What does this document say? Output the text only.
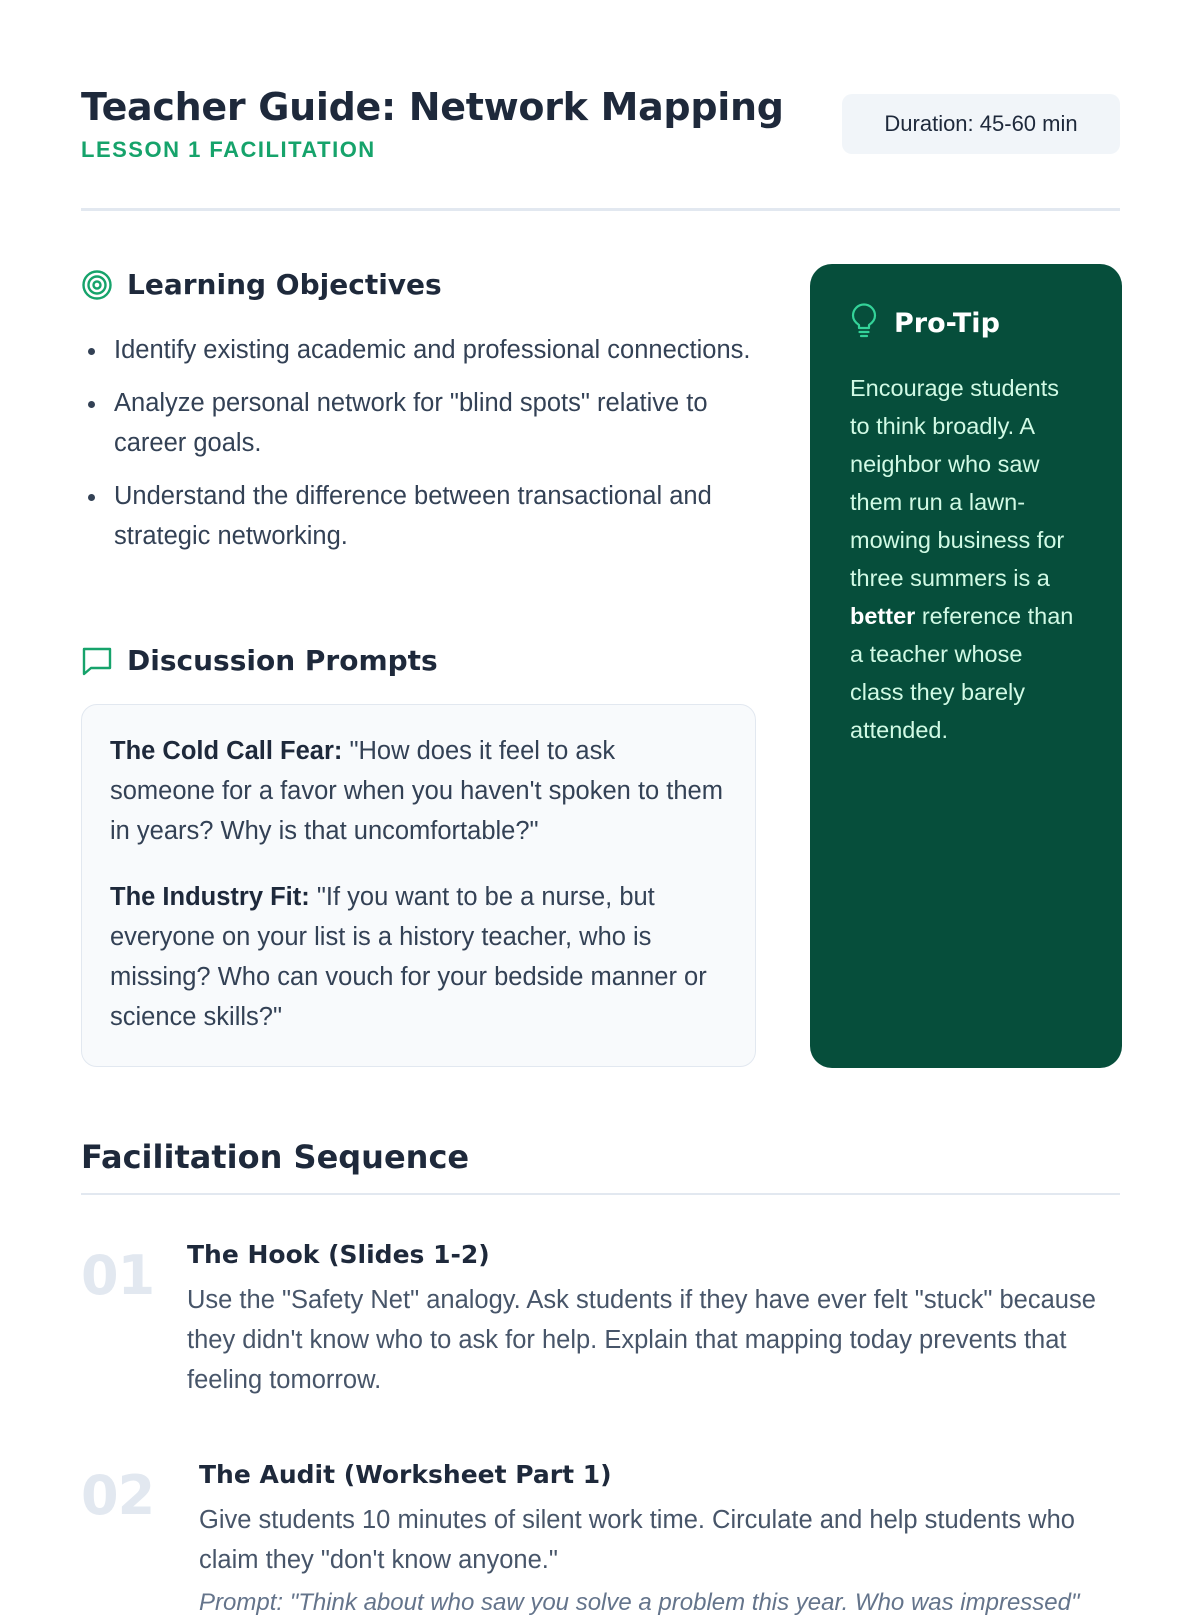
Teacher Guide: Network Mapping
LESSON 1 FACILITATION
Duration: 45-60 min
Learning Objectives
Identify existing academic and professional connections.
Analyze personal network for "blind spots" relative to career goals.
Understand the difference between transactional and strategic networking.
Discussion Prompts

The Cold Call Fear: "How does it feel to ask someone for a favor when you haven't spoken to them in years? Why is that uncomfortable?"

The Industry Fit: "If you want to be a nurse, but everyone on your list is a history teacher, who is missing? Who can vouch for your bedside manner or science skills?"

Pro-Tip

Encourage students to think broadly. A neighbor who saw them run a lawn-mowing business for three summers is a better reference than a teacher whose class they barely attended.

Facilitation Sequence
01 The Hook (Slides 1-2)
Use the "Safety Net" analogy. Ask students if they have ever felt "stuck" because they didn't know who to ask for help. Explain that mapping today prevents that feeling tomorrow.
02 The Audit (Worksheet Part 1)
Give students 10 minutes of silent work time. Circulate and help students who claim they "don't know anyone."
Prompt: "Think about who saw you solve a problem this year. Who was impressed"
